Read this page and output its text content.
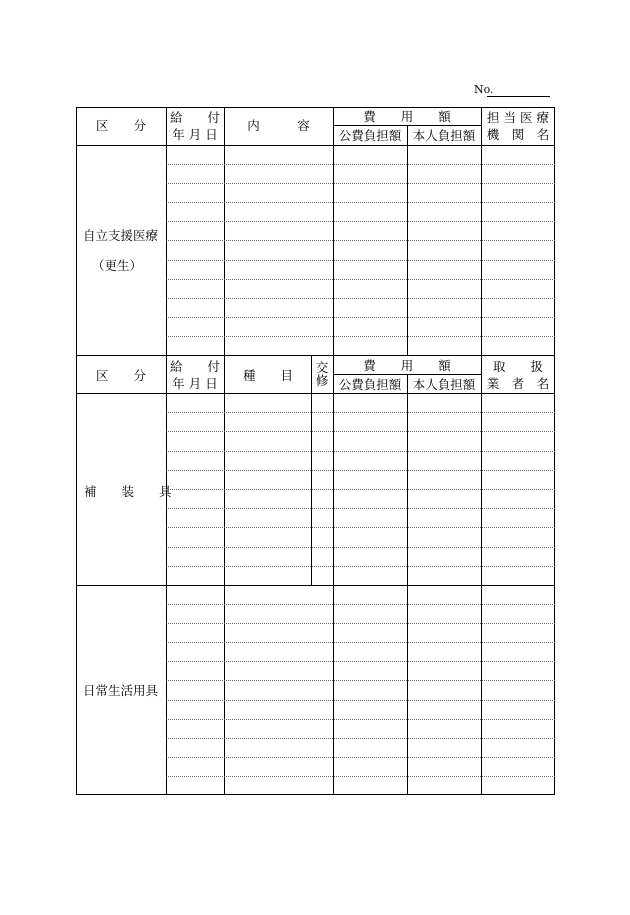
No.
区　　分
給　　付
年 月 日
内　　　容
費　　用　　額
公費負担額 本人負担額
担 当 医 療
機　関　名
自立支援医療
（更生）
区　　分
給　　付
年 月 日
種　　目
交
修
費　　用　　額
公費負担額 本人負担額
取　　扱
業　者　名
補　　装　　具
日常生活用具
